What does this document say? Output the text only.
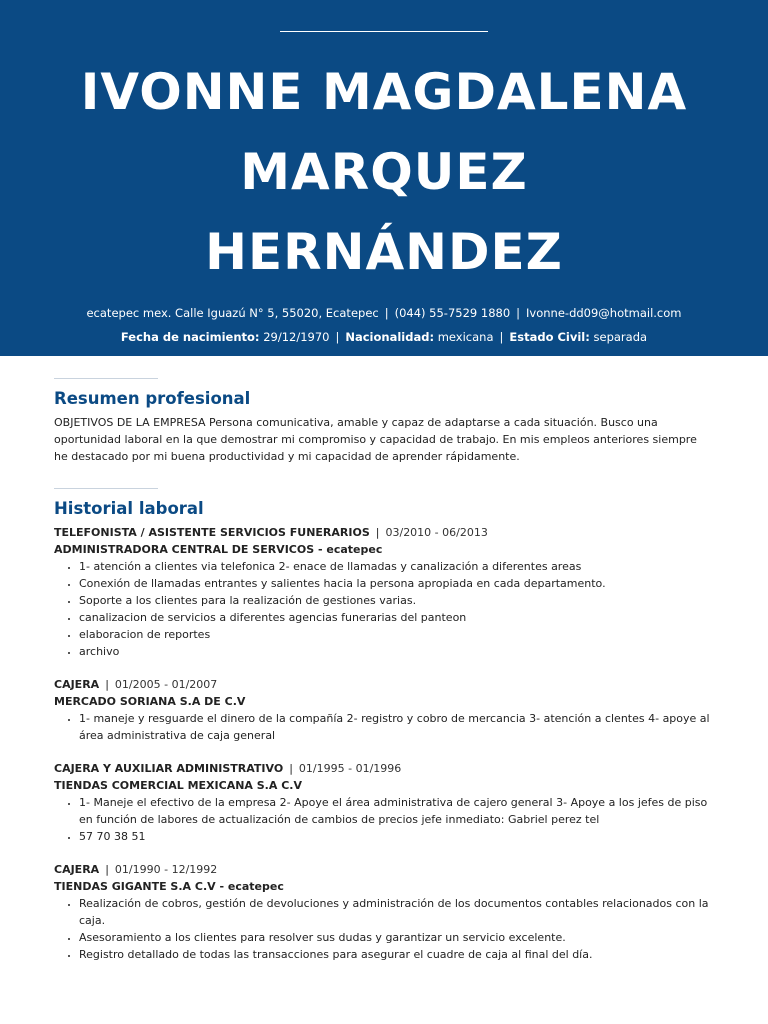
IVONNE MAGDALENA
MARQUEZ
HERNÁNDEZ
ecatepec mex. Calle Iguazú N° 5, 55020, Ecatepec | (044) 55-7529 1880 | Ivonne-dd09@hotmail.com
Fecha de nacimiento: 29/12/1970 | Nacionalidad: mexicana | Estado Civil: separada
Resumen profesional
OBJETIVOS DE LA EMPRESA Persona comunicativa, amable y capaz de adaptarse a cada situación. Busco una oportunidad laboral en la que demostrar mi compromiso y capacidad de trabajo. En mis empleos anteriores siempre he destacado por mi buena productividad y mi capacidad de aprender rápidamente.
Historial laboral
TELEFONISTA / ASISTENTE SERVICIOS FUNERARIOS | 03/2010 - 06/2013
ADMINISTRADORA CENTRAL DE SERVICOS - ecatepec
• 1- atención a clientes via telefonica 2- enace de llamadas y canalización a diferentes areas
• Conexión de llamadas entrantes y salientes hacia la persona apropiada en cada departamento.
• Soporte a los clientes para la realización de gestiones varias.
• canalizacion de servicios a diferentes agencias funerarias del panteon
• elaboracion de reportes
• archivo
CAJERA | 01/2005 - 01/2007
MERCADO SORIANA S.A DE C.V
• 1- maneje y resguarde el dinero de la compañía 2- registro y cobro de mercancia 3- atención a clentes 4- apoye al área administrativa de caja general
CAJERA Y AUXILIAR ADMINISTRATIVO | 01/1995 - 01/1996
TIENDAS COMERCIAL MEXICANA S.A C.V
• 1- Maneje el efectivo de la empresa 2- Apoye el área administrativa de cajero general 3- Apoye a los jefes de piso en función de labores de actualización de cambios de precios jefe inmediato: Gabriel perez tel
• 57 70 38 51
CAJERA | 01/1990 - 12/1992
TIENDAS GIGANTE S.A C.V - ecatepec
• Realización de cobros, gestión de devoluciones y administración de los documentos contables relacionados con la caja.
• Asesoramiento a los clientes para resolver sus dudas y garantizar un servicio excelente.
• Registro detallado de todas las transacciones para asegurar el cuadre de caja al final del día.
